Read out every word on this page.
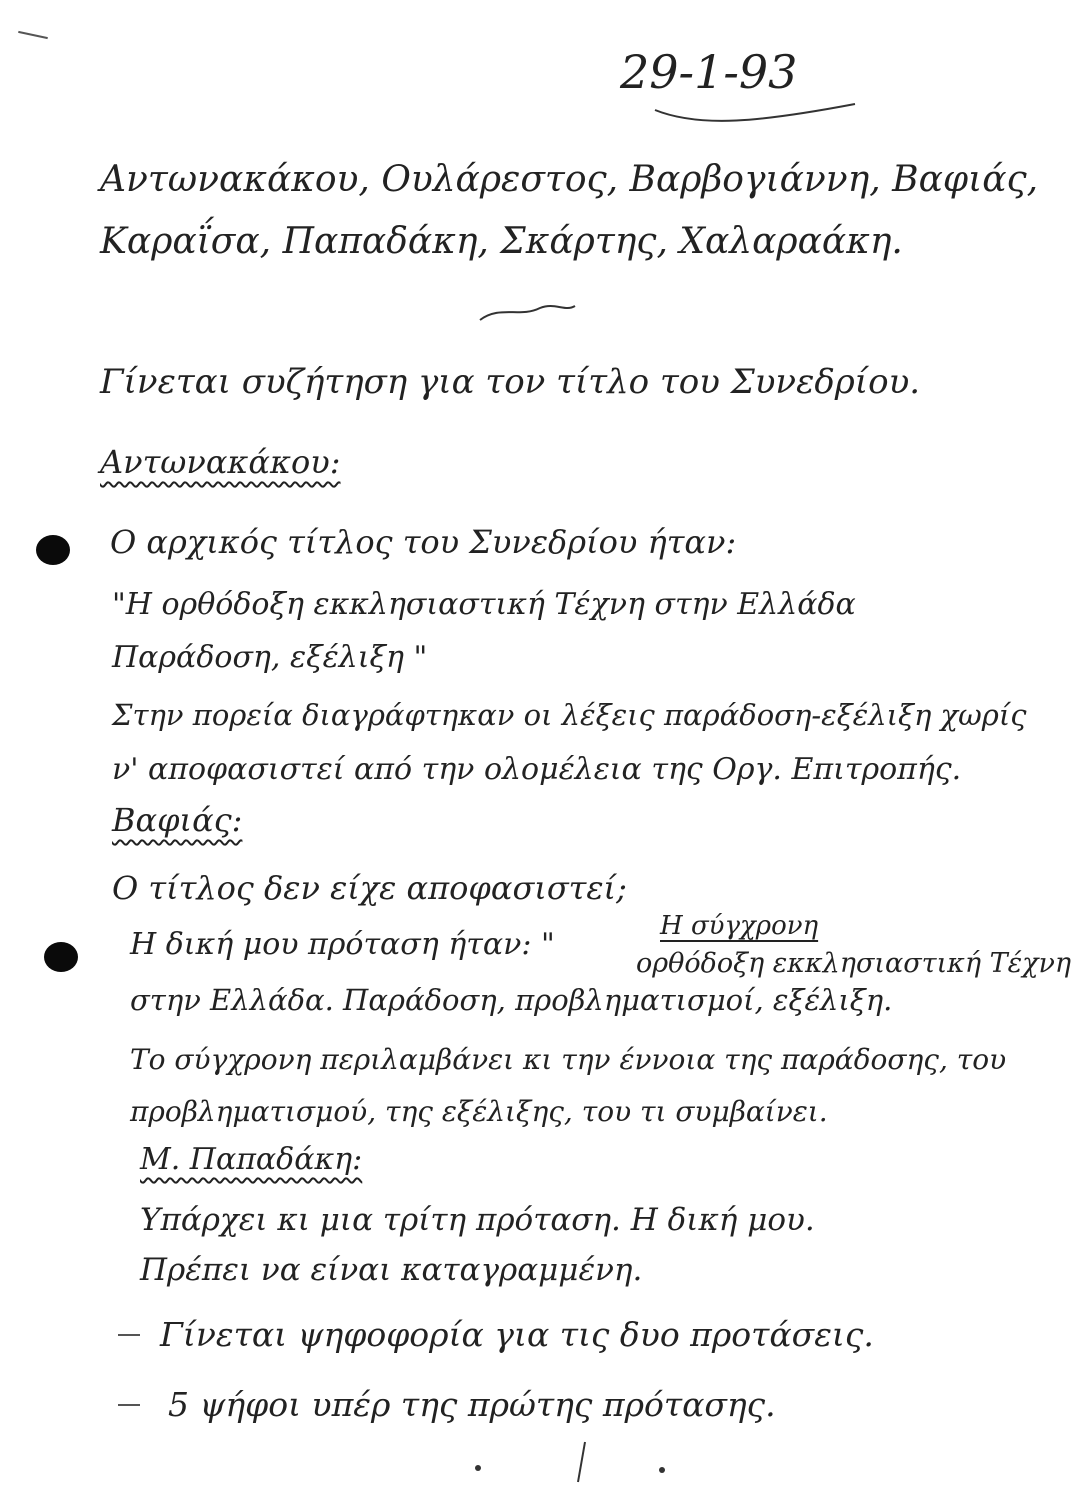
29-1-93
Αντωνακάκου, Ουλάρεστος, Βαρβογιάννη, Βαφιάς,
Καραΐσα, Παπαδάκη, Σκάρτης, Χαλαραάκη.
Γίνεται συζήτηση για τον τίτλο του Συνεδρίου.
Αντωνακάκου:
Ο αρχικός τίτλος του Συνεδρίου ήταν:
"Η ορθόδοξη εκκλησιαστική Τέχνη στην Ελλάδα
Παράδοση, εξέλιξη "
Στην πορεία διαγράφτηκαν οι λέξεις παράδοση-εξέλιξη χωρίς
ν' αποφασιστεί από την ολομέλεια της Οργ. Επιτροπής.
Βαφιάς:
Ο τίτλος δεν είχε αποφασιστεί;
Η δική μου πρόταση ήταν: "
Η σύγχρονη
ορθόδοξη εκκλησιαστική Τέχνη
στην Ελλάδα. Παράδοση, προβληματισμοί, εξέλιξη.
Το σύγχρονη περιλαμβάνει κι την έννοια της παράδοσης, του
προβληματισμού, της εξέλιξης, του τι συμβαίνει.
Μ. Παπαδάκη:
Υπάρχει κι μια τρίτη πρόταση. Η δική μου.
Πρέπει να είναι καταγραμμένη.
Γίνεται ψηφοφορία για τις δυο προτάσεις.
5 ψήφοι υπέρ της πρώτης πρότασης.
